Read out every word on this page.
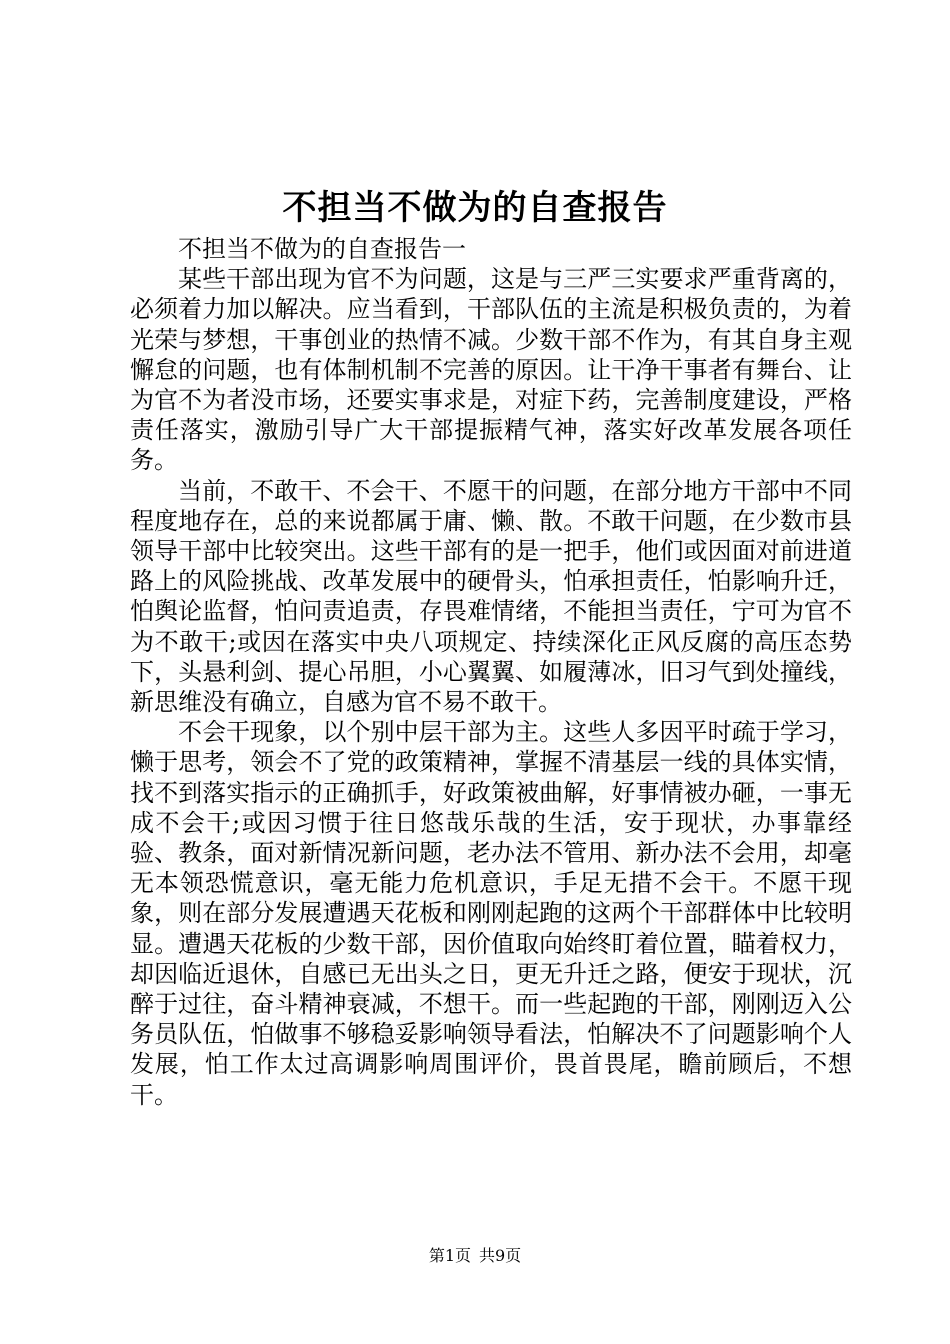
不担当不做为的自查报告

不担当不做为的自查报告一

某些干部出现为官不为问题，这是与三严三实要求严重背离的，必须着力加以解决。应当看到，干部队伍的主流是积极负责的，为着光荣与梦想，干事创业的热情不减。少数干部不作为，有其自身主观懈怠的问题，也有体制机制不完善的原因。让干净干事者有舞台、让为官不为者没市场，还要实事求是，对症下药，完善制度建设，严格责任落实，激励引导广大干部提振精气神，落实好改革发展各项任务。

当前，不敢干、不会干、不愿干的问题，在部分地方干部中不同程度地存在，总的来说都属于庸、懒、散。不敢干问题，在少数市县领导干部中比较突出。这些干部有的是一把手，他们或因面对前进道路上的风险挑战、改革发展中的硬骨头，怕承担责任，怕影响升迁，怕舆论监督，怕问责追责，存畏难情绪，不能担当责任，宁可为官不为不敢干;或因在落实中央八项规定、持续深化正风反腐的高压态势下，头悬利剑、提心吊胆，小心翼翼、如履薄冰，旧习气到处撞线，新思维没有确立，自感为官不易不敢干。

不会干现象，以个别中层干部为主。这些人多因平时疏于学习，懒于思考，领会不了党的政策精神，掌握不清基层一线的具体实情，找不到落实指示的正确抓手，好政策被曲解，好事情被办砸，一事无成不会干;或因习惯于往日悠哉乐哉的生活，安于现状，办事靠经验、教条，面对新情况新问题，老办法不管用、新办法不会用，却毫无本领恐慌意识，毫无能力危机意识，手足无措不会干。不愿干现象，则在部分发展遭遇天花板和刚刚起跑的这两个干部群体中比较明显。遭遇天花板的少数干部，因价值取向始终盯着位置，瞄着权力，却因临近退休，自感已无出头之日，更无升迁之路，便安于现状，沉醉于过往，奋斗精神衰减，不想干。而一些起跑的干部，刚刚迈入公务员队伍，怕做事不够稳妥影响领导看法，怕解决不了问题影响个人发展，怕工作太过高调影响周围评价，畏首畏尾，瞻前顾后，不想干。

第1页 共9页
